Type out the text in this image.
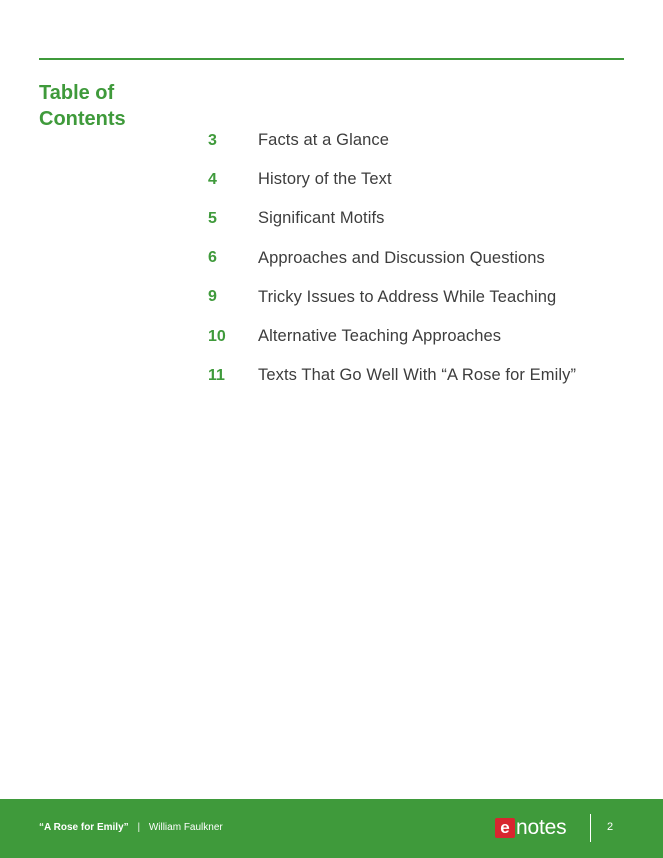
Table of
Contents
3	Facts at a Glance
4	History of the Text
5	Significant Motifs
6	Approaches and Discussion Questions
9	Tricky Issues to Address While Teaching
10	Alternative Teaching Approaches
11	Texts That Go Well With “A Rose for Emily”
“A Rose for Emily” | William Faulkner	e notes	2
